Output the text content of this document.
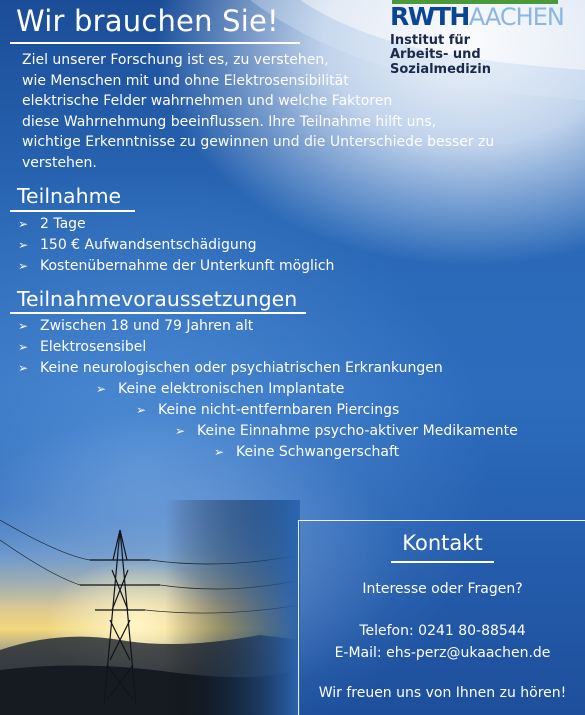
Wir brauchen Sie!	RWTHAACHEN
Institut für
Arbeits- und Sozialmedizin

Ziel unserer Forschung ist es, zu verstehen,
wie Menschen mit und ohne Elektrosensibilität
elektrische Felder wahrnehmen und welche Faktoren
diese Wahrnehmung beeinflussen. Ihre Teilnahme hilft uns,
wichtige Erkenntnisse zu gewinnen und die Unterschiede besser zu
verstehen.

Teilnahme
➢ 2 Tage
➢ 150 € Aufwandsentschädigung
➢ Kostenübernahme der Unterkunft möglich
Teilnahmevoraussetzungen
➢ Zwischen 18 und 79 Jahren alt
➢ Elektrosensibel
➢ Keine neurologischen oder psychiatrischen Erkrankungen
➢ Keine elektronischen Implantate
➢ Keine nicht-entfernbaren Piercings
➢ Keine Einnahme psycho-aktiver Medikamente
➢ Keine Schwangerschaft
Kontakt

Interesse oder Fragen?

Telefon: 0241 80-88544

E-Mail: ehs-perz@ukaachen.de

Wir freuen uns von Ihnen zu hören!
